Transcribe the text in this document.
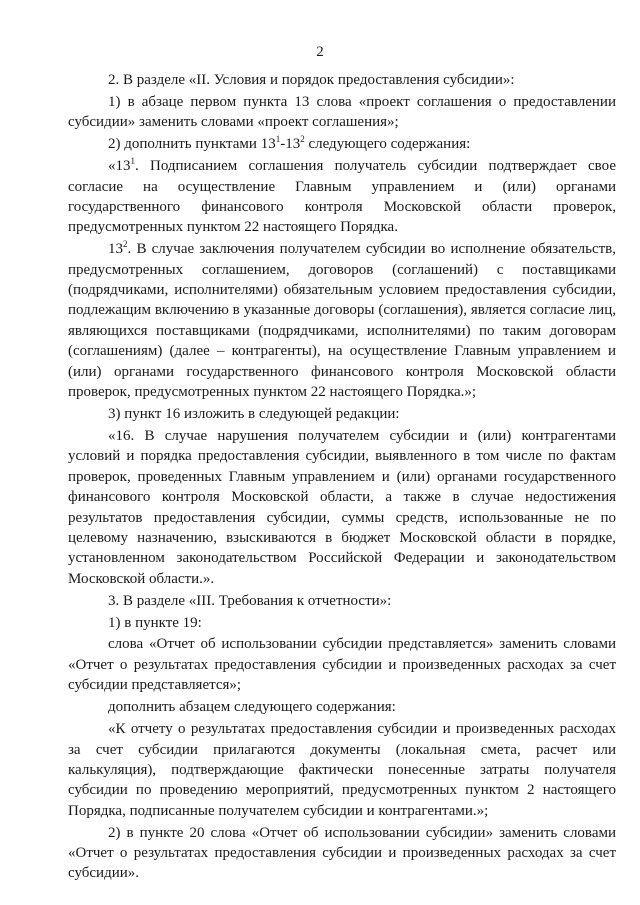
2

2. В разделе «II. Условия и порядок предоставления субсидии»:

1) в абзаце первом пункта 13 слова «проект соглашения о предоставлении субсидии» заменить словами «проект соглашения»;

2) дополнить пунктами $13^1-13^2$ следующего содержания:

«$13^1$. Подписанием соглашения получатель субсидии подтверждает свое согласие на осуществление Главным управлением и (или) органами государственного финансового контроля Московской области проверок, предусмотренных пунктом 22 настоящего Порядка.

$13^2$. В случае заключения получателем субсидии во исполнение обязательств, предусмотренных соглашением, договоров (соглашений) с поставщиками (подрядчиками, исполнителями) обязательным условием предоставления субсидии, подлежащим включению в указанные договоры (соглашения), является согласие лиц, являющихся поставщиками (подрядчиками, исполнителями) по таким договорам (соглашениям) (далее – контрагенты), на осуществление Главным управлением и (или) органами государственного финансового контроля Московской области проверок, предусмотренных пунктом 22 настоящего Порядка.»;

3) пункт 16 изложить в следующей редакции:

«16. В случае нарушения получателем субсидии и (или) контрагентами условий и порядка предоставления субсидии, выявленного в том числе по фактам проверок, проведенных Главным управлением и (или) органами государственного финансового контроля Московской области, а также в случае недостижения результатов предоставления субсидии, суммы средств, использованные не по целевому назначению, взыскиваются в бюджет Московской области в порядке, установленном законодательством Российской Федерации и законодательством Московской области.».

3. В разделе «III. Требования к отчетности»:

1) в пункте 19:

слова «Отчет об использовании субсидии представляется» заменить словами «Отчет о результатах предоставления субсидии и произведенных расходах за счет субсидии представляется»;

дополнить абзацем следующего содержания:

«К отчету о результатах предоставления субсидии и произведенных расходах за счет субсидии прилагаются документы (локальная смета, расчет или калькуляция), подтверждающие фактически понесенные затраты получателя субсидии по проведению мероприятий, предусмотренных пунктом 2 настоящего Порядка, подписанные получателем субсидии и контрагентами.»;

2) в пункте 20 слова «Отчет об использовании субсидии» заменить словами «Отчет о результатах предоставления субсидии и произведенных расходах за счет субсидии».
